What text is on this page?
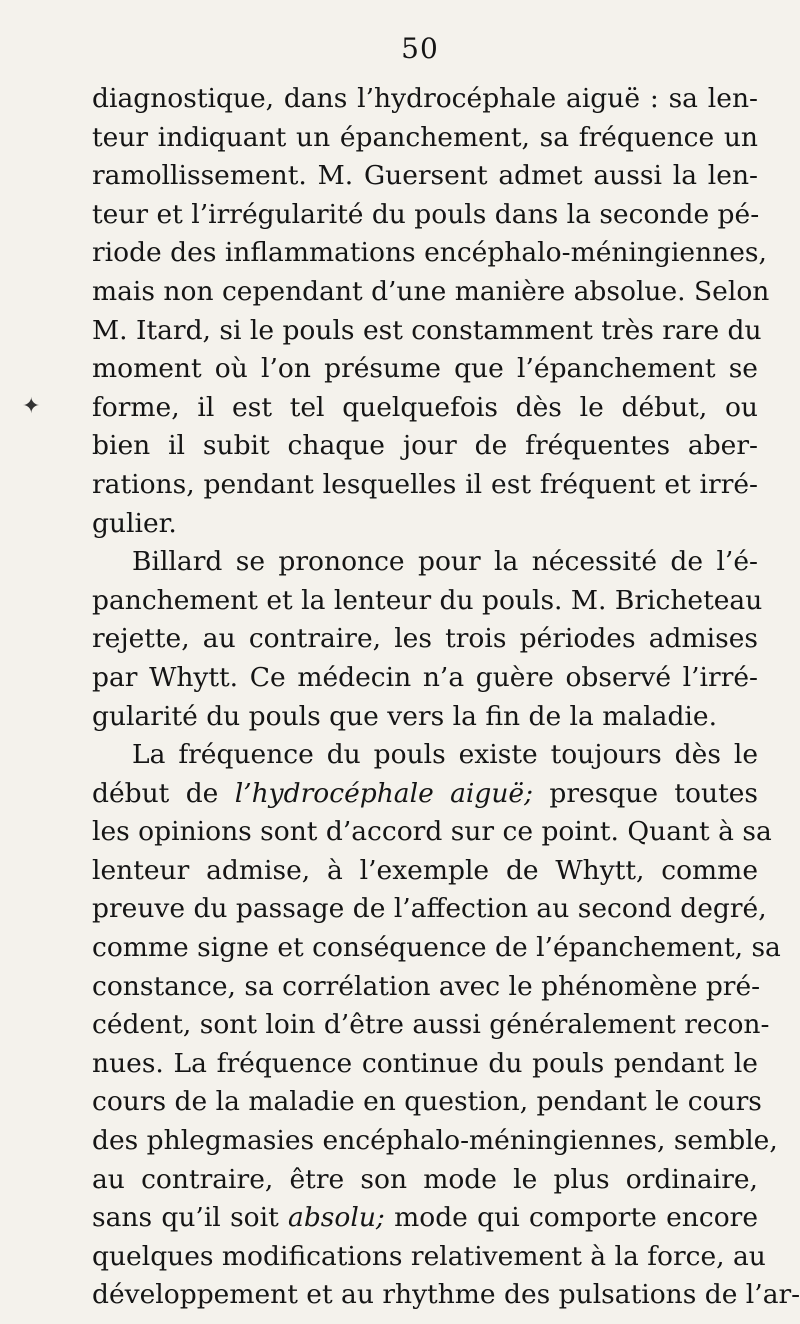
50
✦
diagnostique, dans l’hydrocéphale aiguë : sa len-
teur indiquant un épanchement, sa fréquence un
ramollissement. M. Guersent admet aussi la len-
teur et l’irrégularité du pouls dans la seconde pé-
riode des inflammations encéphalo-méningiennes,
mais non cependant d’une manière absolue. Selon
M. Itard, si le pouls est constamment très rare du
moment où l’on présume que l’épanchement se
forme, il est tel quelquefois dès le début, ou
bien il subit chaque jour de fréquentes aber-
rations, pendant lesquelles il est fréquent et irré-
gulier.
Billard se prononce pour la nécessité de l’é-
panchement et la lenteur du pouls. M. Bricheteau
rejette, au contraire, les trois périodes admises
par Whytt. Ce médecin n’a guère observé l’irré-
gularité du pouls que vers la fin de la maladie.
La fréquence du pouls existe toujours dès le
début de l’hydrocéphale aiguë; presque toutes
les opinions sont d’accord sur ce point. Quant à sa
lenteur admise, à l’exemple de Whytt, comme
preuve du passage de l’affection au second degré,
comme signe et conséquence de l’épanchement, sa
constance, sa corrélation avec le phénomène pré-
cédent, sont loin d’être aussi généralement recon-
nues. La fréquence continue du pouls pendant le
cours de la maladie en question, pendant le cours
des phlegmasies encéphalo-méningiennes, semble,
au contraire, être son mode le plus ordinaire,
sans qu’il soit absolu; mode qui comporte encore
quelques modifications relativement à la force, au
développement et au rhythme des pulsations de l’ar-
